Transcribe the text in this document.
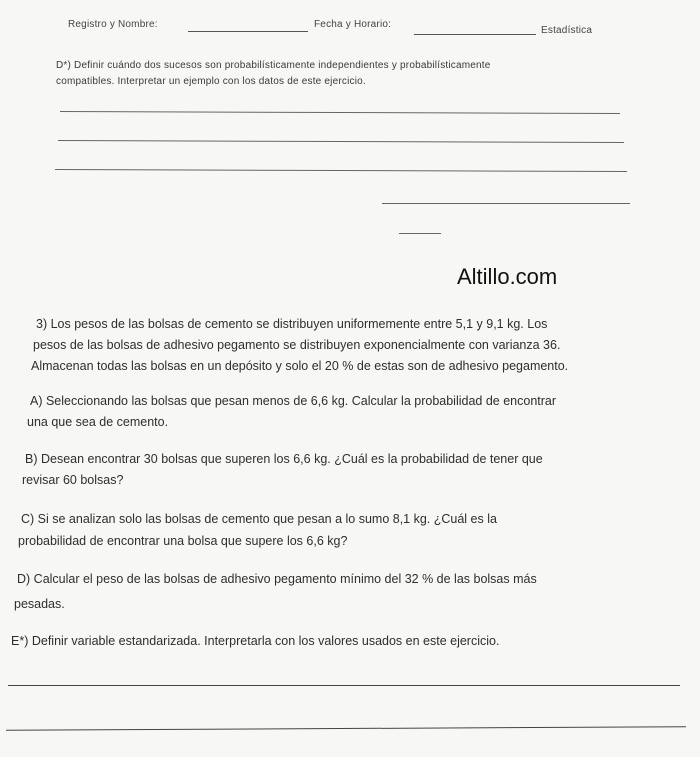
Registro y Nombre:	Fecha y Horario:
Estadística
D*) Definir cuándo dos sucesos son probabilísticamente independientes y probabilísticamente
compatibles. Interpretar un ejemplo con los datos de este ejercicio.
Altillo.com
3) Los pesos de las bolsas de cemento se distribuyen uniformemente entre 5,1 y 9,1 kg. Los
pesos de las bolsas de adhesivo pegamento se distribuyen exponencialmente con varianza 36.
Almacenan todas las bolsas en un depósito y solo el 20 % de estas son de adhesivo pegamento.
A) Seleccionando las bolsas que pesan menos de 6,6 kg. Calcular la probabilidad de encontrar
una que sea de cemento.
B) Desean encontrar 30 bolsas que superen los 6,6 kg. ¿Cuál es la probabilidad de tener que
revisar 60 bolsas?
C) Si se analizan solo las bolsas de cemento que pesan a lo sumo 8,1 kg. ¿Cuál es la
probabilidad de encontrar una bolsa que supere los 6,6 kg?
D) Calcular el peso de las bolsas de adhesivo pegamento mínimo del 32 % de las bolsas más
pesadas.
E*) Definir variable estandarizada. Interpretarla con los valores usados en este ejercicio.
